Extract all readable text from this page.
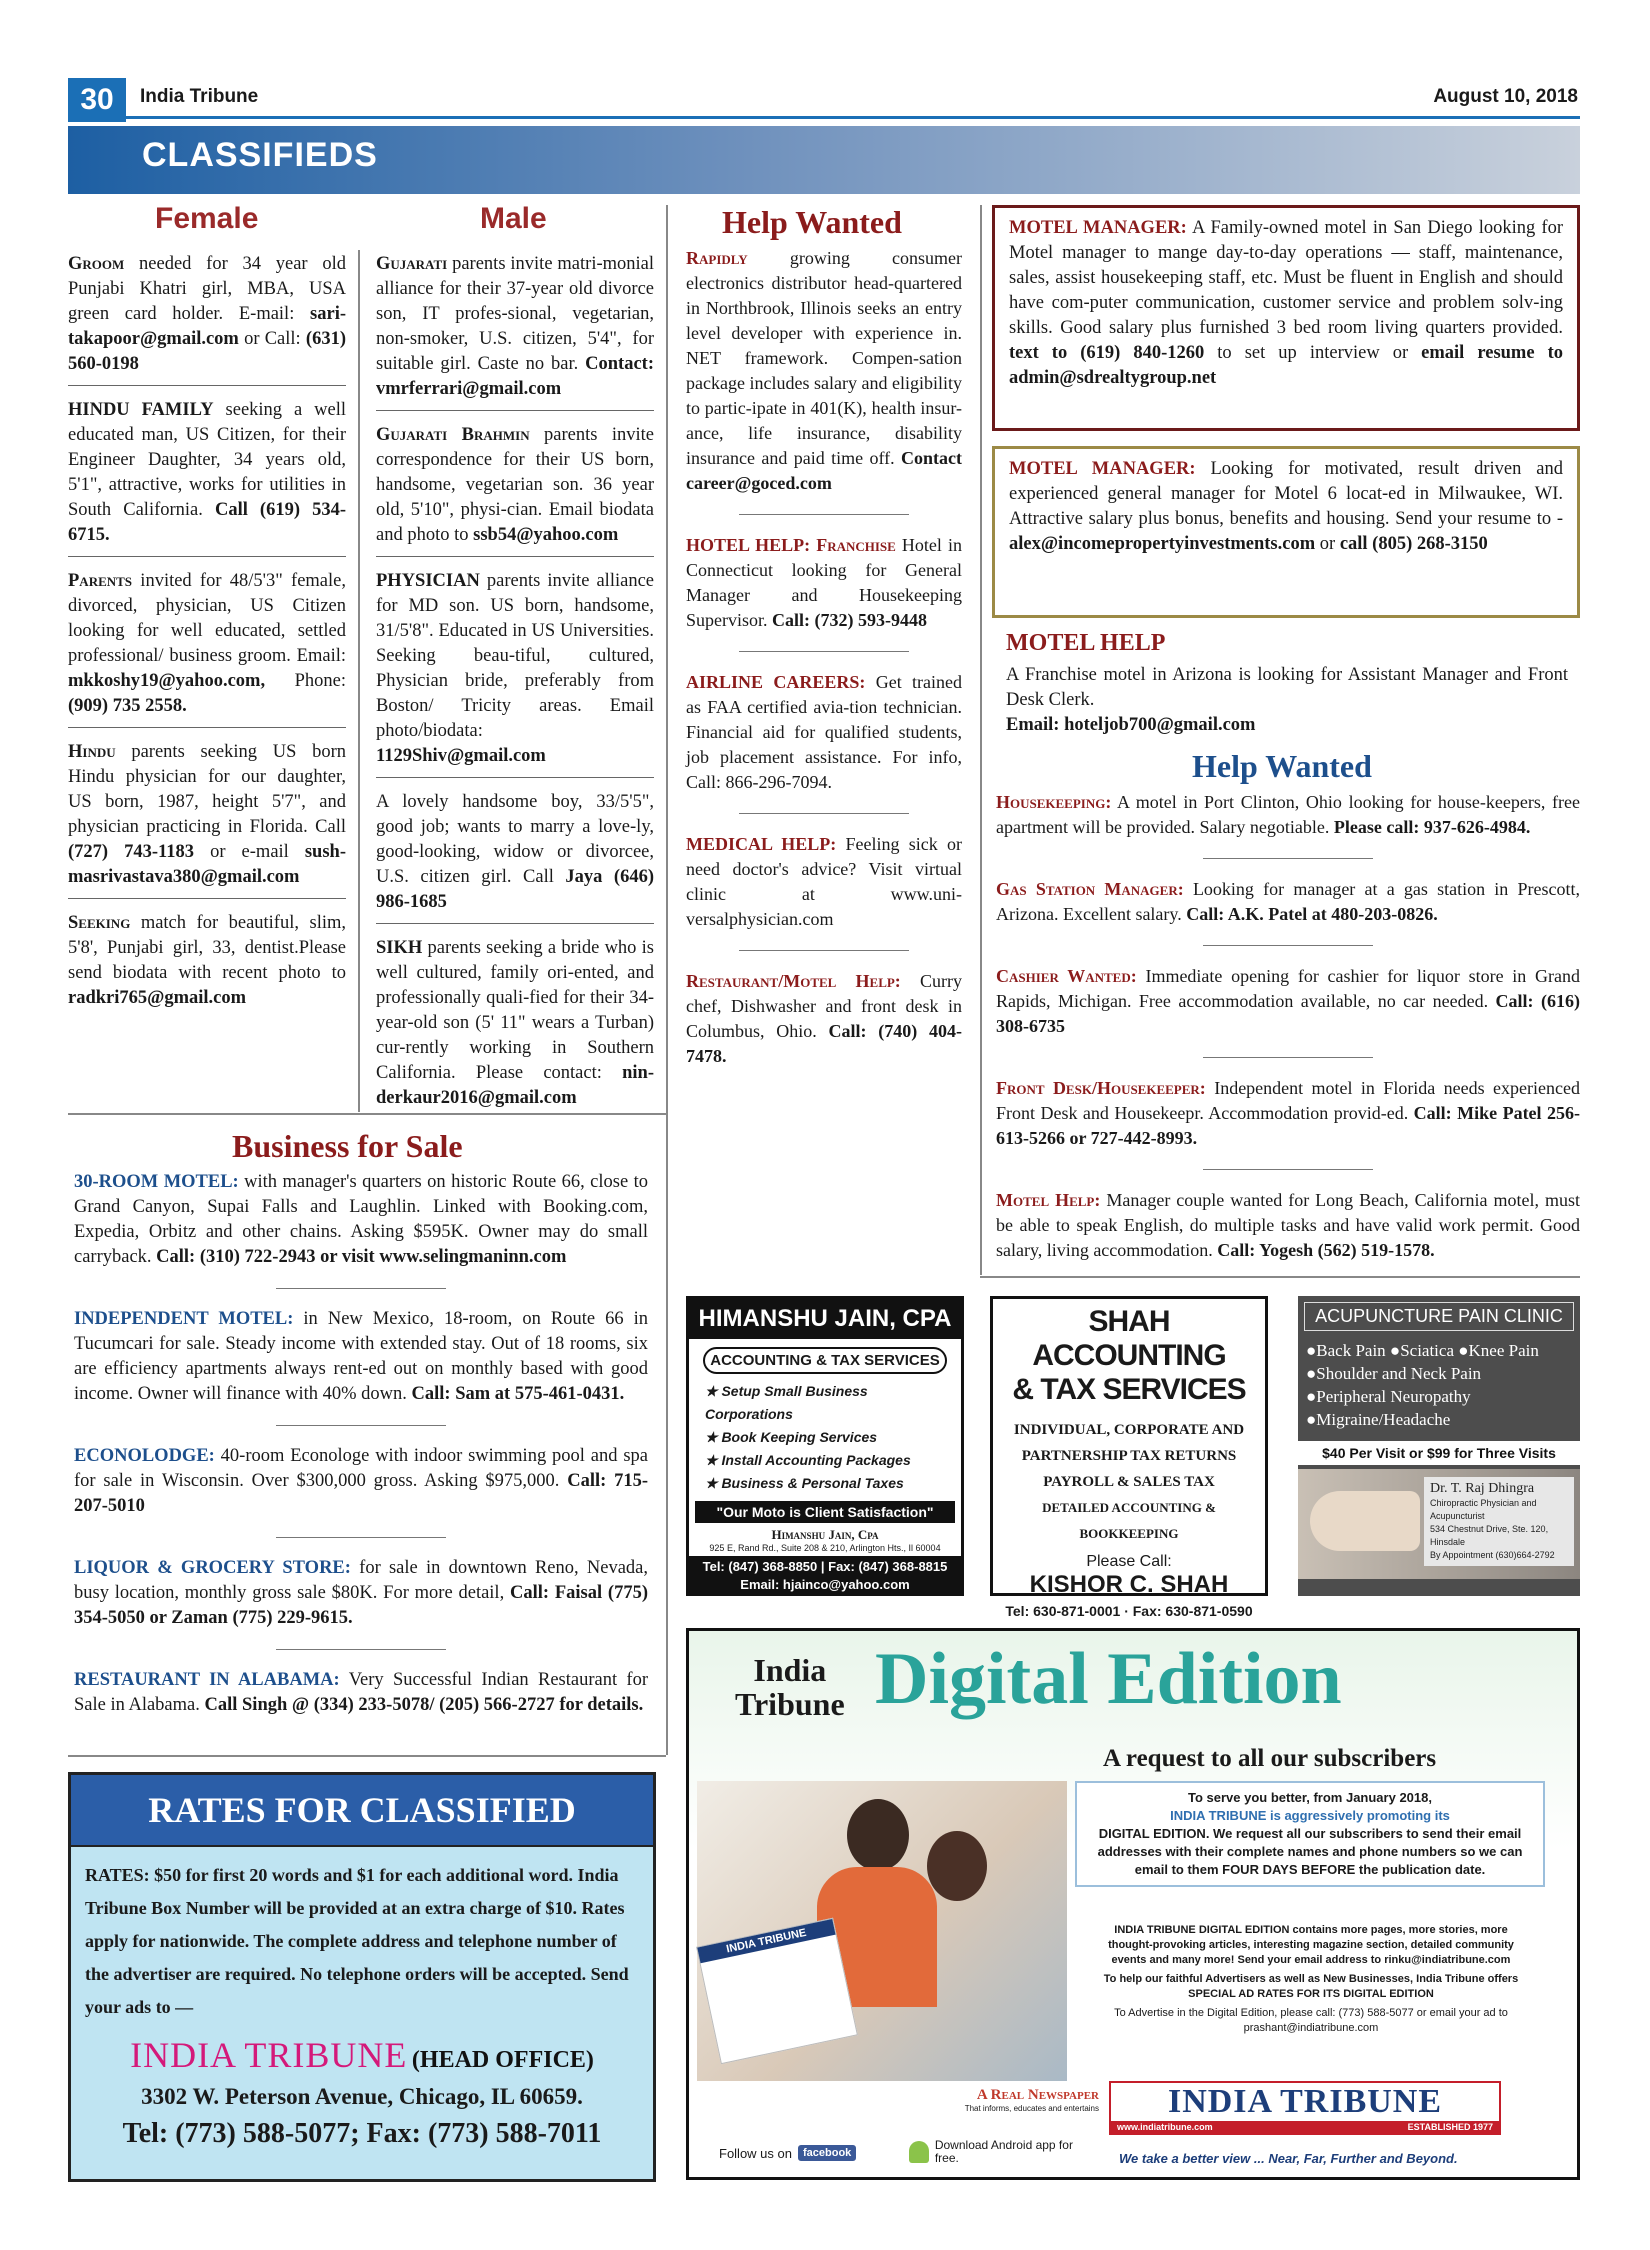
30	India Tribune	August 10, 2018
CLASSIFIEDS
Female
Groom needed for 34 year old Punjabi Khatri girl, MBA, USA green card holder. E-mail: sari-takapoor@gmail.com or Call: (631) 560-0198
HINDU FAMILY seeking a well educated man, US Citizen, for their Engineer Daughter, 34 years old, 5'1", attractive, works for utilities in South California. Call (619) 534-6715.
Parents invited for 48/5'3" female, divorced, physician, US Citizen looking for well educated, settled professional/ business groom. Email: mkkoshy19@yahoo.com, Phone: (909) 735 2558.
Hindu parents seeking US born Hindu physician for our daughter, US born, 1987, height 5'7", and physician practicing in Florida. Call (727) 743-1183 or e-mail sush-masrivastava380@gmail.com
Seeking match for beautiful, slim, 5'8', Punjabi girl, 33, dentist.Please send biodata with recent photo to radkri765@gmail.com
Male
Gujarati parents invite matri-monial alliance for their 37-year old divorce son, IT profes-sional, vegetarian, non-smoker, U.S. citizen, 5'4", for suitable girl. Caste no bar. Contact: vmrferrari@gmail.com
Gujarati Brahmin parents invite correspondence for their US born, handsome, vegetarian son. 36 year old, 5'10", physi-cian. Email biodata and photo to ssb54@yahoo.com
PHYSICIAN parents invite alliance for MD son. US born, handsome, 31/5'8". Educated in US Universities. Seeking beau-tiful, cultured, Physician bride, preferably from Boston/ Tricity areas. Email photo/biodata: 1129Shiv@gmail.com
A lovely handsome boy, 33/5'5", good job; wants to marry a love-ly, good-looking, widow or divorcee, U.S. citizen girl. Call Jaya (646) 986-1685
SIKH parents seeking a bride who is well cultured, family ori-ented, and professionally quali-fied for their 34-year-old son (5' 11" wears a Turban) cur-rently working in Southern California. Please contact: nin-derkaur2016@gmail.com
Help Wanted
Rapidly growing consumer electronics distributor head-quartered in Northbrook, Illinois seeks an entry level developer with experience in. NET framework. Compen-sation package includes salary and eligibility to partic-ipate in 401(K), health insur-ance, life insurance, disability insurance and paid time off. Contact career@goced.com
HOTEL HELP: Franchise Hotel in Connecticut looking for General Manager and Housekeeping Supervisor. Call: (732) 593-9448
AIRLINE CAREERS: Get trained as FAA certified avia-tion technician. Financial aid for qualified students, job placement assistance. For info, Call: 866-296-7094.
MEDICAL HELP: Feeling sick or need doctor's advice? Visit virtual clinic at www.uni-versalphysician.com
Restaurant/Motel Help: Curry chef, Dishwasher and front desk in Columbus, Ohio. Call: (740) 404-7478.
MOTEL MANAGER: A Family-owned motel in San Diego looking for Motel manager to mange day-to-day operations — staff, maintenance, sales, assist housekeeping staff, etc. Must be fluent in English and should have com-puter communication, customer service and problem solv-ing skills. Good salary plus furnished 3 bed room living quarters provided. text to (619) 840-1260 to set up interview or email resume to admin@sdrealtygroup.net
MOTEL MANAGER: Looking for motivated, result driven and experienced general manager for Motel 6 locat-ed in Milwaukee, WI. Attractive salary plus bonus, benefits and housing. Send your resume to - alex@incomepropertyinvestments.com or call (805) 268-3150
MOTEL HELP
A Franchise motel in Arizona is looking for Assistant Manager and Front Desk Clerk.
Email: hoteljob700@gmail.com
Help Wanted
Housekeeping: A motel in Port Clinton, Ohio looking for house-keepers, free apartment will be provided. Salary negotiable. Please call: 937-626-4984.
Gas Station Manager: Looking for manager at a gas station in Prescott, Arizona. Excellent salary. Call: A.K. Patel at 480-203-0826.
Cashier Wanted: Immediate opening for cashier for liquor store in Grand Rapids, Michigan. Free accommodation available, no car needed. Call: (616) 308-6735
Front Desk/Housekeeper: Independent motel in Florida needs experienced Front Desk and Housekeepr. Accommodation provid-ed. Call: Mike Patel 256-613-5266 or 727-442-8993.
Motel Help: Manager couple wanted for Long Beach, California motel, must be able to speak English, do multiple tasks and have valid work permit. Good salary, living accommodation. Call: Yogesh (562) 519-1578.
Business for Sale
30-ROOM MOTEL: with manager's quarters on historic Route 66, close to Grand Canyon, Supai Falls and Laughlin. Linked with Booking.com, Expedia, Orbitz and other chains. Asking $595K. Owner may do small carryback. Call: (310) 722-2943 or visit www.selingmaninn.com
INDEPENDENT MOTEL: in New Mexico, 18-room, on Route 66 in Tucumcari for sale. Steady income with extended stay. Out of 18 rooms, six are efficiency apartments always rent-ed out on monthly based with good income. Owner will finance with 40% down. Call: Sam at 575-461-0431.
ECONOLODGE: 40-room Econologe with indoor swimming pool and spa for sale in Wisconsin. Over $300,000 gross. Asking $975,000. Call: 715-207-5010
LIQUOR & GROCERY STORE: for sale in downtown Reno, Nevada, busy location, monthly gross sale $80K. For more detail, Call: Faisal (775) 354-5050 or Zaman (775) 229-9615.
RESTAURANT IN ALABAMA: Very Successful Indian Restaurant for Sale in Alabama. Call Singh @ (334) 233-5078/ (205) 566-2727 for details.
RATES FOR CLASSIFIED
RATES: $50 for first 20 words and $1 for each additional word. India Tribune Box Number will be provided at an extra charge of $10. Rates apply for nationwide. The complete address and telephone number of the advertiser are required. No telephone orders will be accepted. Send your ads to —
INDIA TRIBUNE (HEAD OFFICE)
3302 W. Peterson Avenue, Chicago, IL 60659.
Tel: (773) 588-5077; Fax: (773) 588-7011
HIMANSHU JAIN, CPA
ACCOUNTING & TAX SERVICES
★ Setup Small Business Corporations
★ Book Keeping Services
★ Install Accounting Packages
★ Business & Personal Taxes
"Our Moto is Client Satisfaction"
Himanshu Jain, Cpa
925 E, Rand Rd., Suite 208 & 210, Arlington Hts., Il 60004
Tel: (847) 368-8850 | Fax: (847) 368-8815
Email: hjainco@yahoo.com
SHAH ACCOUNTING
& TAX SERVICES
INDIVIDUAL, CORPORATE AND
PARTNERSHIP TAX RETURNS
PAYROLL & SALES TAX
DETAILED ACCOUNTING & BOOKKEEPING
Please Call:
KISHOR C. SHAH
Tel: 630-871-0001 · Fax: 630-871-0590
ACUPUNCTURE PAIN CLINIC
●Back Pain ●Sciatica ●Knee Pain
●Shoulder and Neck Pain
●Peripheral Neuropathy
●Migraine/Headache
$40 Per Visit or $99 for Three Visits
Dr. T. Raj Dhingra
Chiropractic Physician and Acupuncturist
534 Chestnut Drive, Ste. 120, Hinsdale
By Appointment (630)664-2792
India
Tribune Digital Edition
A request to all our subscribers
To serve you better, from January 2018,
INDIA TRIBUNE is aggressively promoting its
DIGITAL EDITION. We request all our subscribers to send their email addresses with their complete names and phone numbers so we can email to them FOUR DAYS BEFORE the publication date.
INDIA TRIBUNE DIGITAL EDITION contains more pages, more stories, more thought-provoking articles, interesting magazine section, detailed community events and many more! Send your email address to rinku@indiatribune.com
To help our faithful Advertisers as well as New Businesses, India Tribune offers SPECIAL AD RATES FOR ITS DIGITAL EDITION
To Advertise in the Digital Edition, please call: (773) 588-5077 or email your ad to prashant@indiatribune.com
INDIA TRIBUNE
A Real Newspaper
That informs, educates and entertains	INDIA TRIBUNE
www.indiatribune.com	ESTABLISHED 1977
Follow us on	facebook
Download Android app for free.	We take a better view ... Near, Far, Further and Beyond.
